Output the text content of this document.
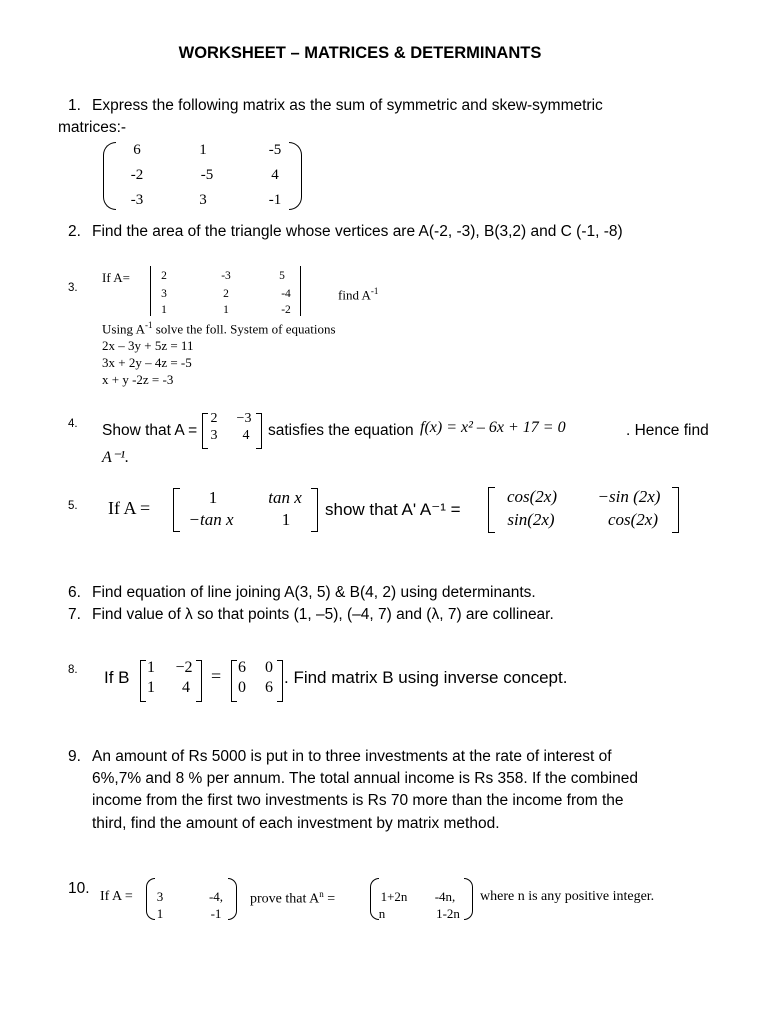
WORKSHEET – MATRICES & DETERMINANTS
1. Express the following matrix as the sum of symmetric and skew-symmetric
matrices:-
6	1	-5
-2	-5	4
-3	3	-1
2. Find the area of the triangle whose vertices are A(-2, -3), B(3,2) and C (-1, -8)
3.
If A=	2	-3	5
3	2	-4
1	1	-2
find $A^{-1}$
Using $A^{-1}$ solve the foll. System of equations
2x – 3y + 5z = 11
3x + 2y – 4z = -5
x + y -2z = -3
4. Show that A =
2	−3
3	4	satisfies the equation f(x) = x² – 6x + 17 = 0	. Hence find
A⁻¹.
5. If A =
1	tan x
−tan x	1
show that A' A⁻¹ =
cos(2x)	−sin (2x)
sin(2x)	cos(2x)
6. Find equation of line joining A(3, 5) & B(4, 2) using determinants.
7. Find value of λ so that points (1, –5), (–4, 7) and (λ, 7) are collinear.
8. If B
1	−2
1	4
= 6 0
0 6
. Find matrix B using inverse concept.
9. An amount of Rs 5000 is put in to three investments at the rate of interest of
6%,7% and 8 % per annum. The total annual income is Rs 358. If the combined
income from the first two investments is Rs 70 more than the income from the
third, find the amount of each investment by matrix method.
10. If A =	3	-4,
1	-1
prove that $A^n$ =	1+2n	-4n,
n	1-2n
where n is any positive integer.
